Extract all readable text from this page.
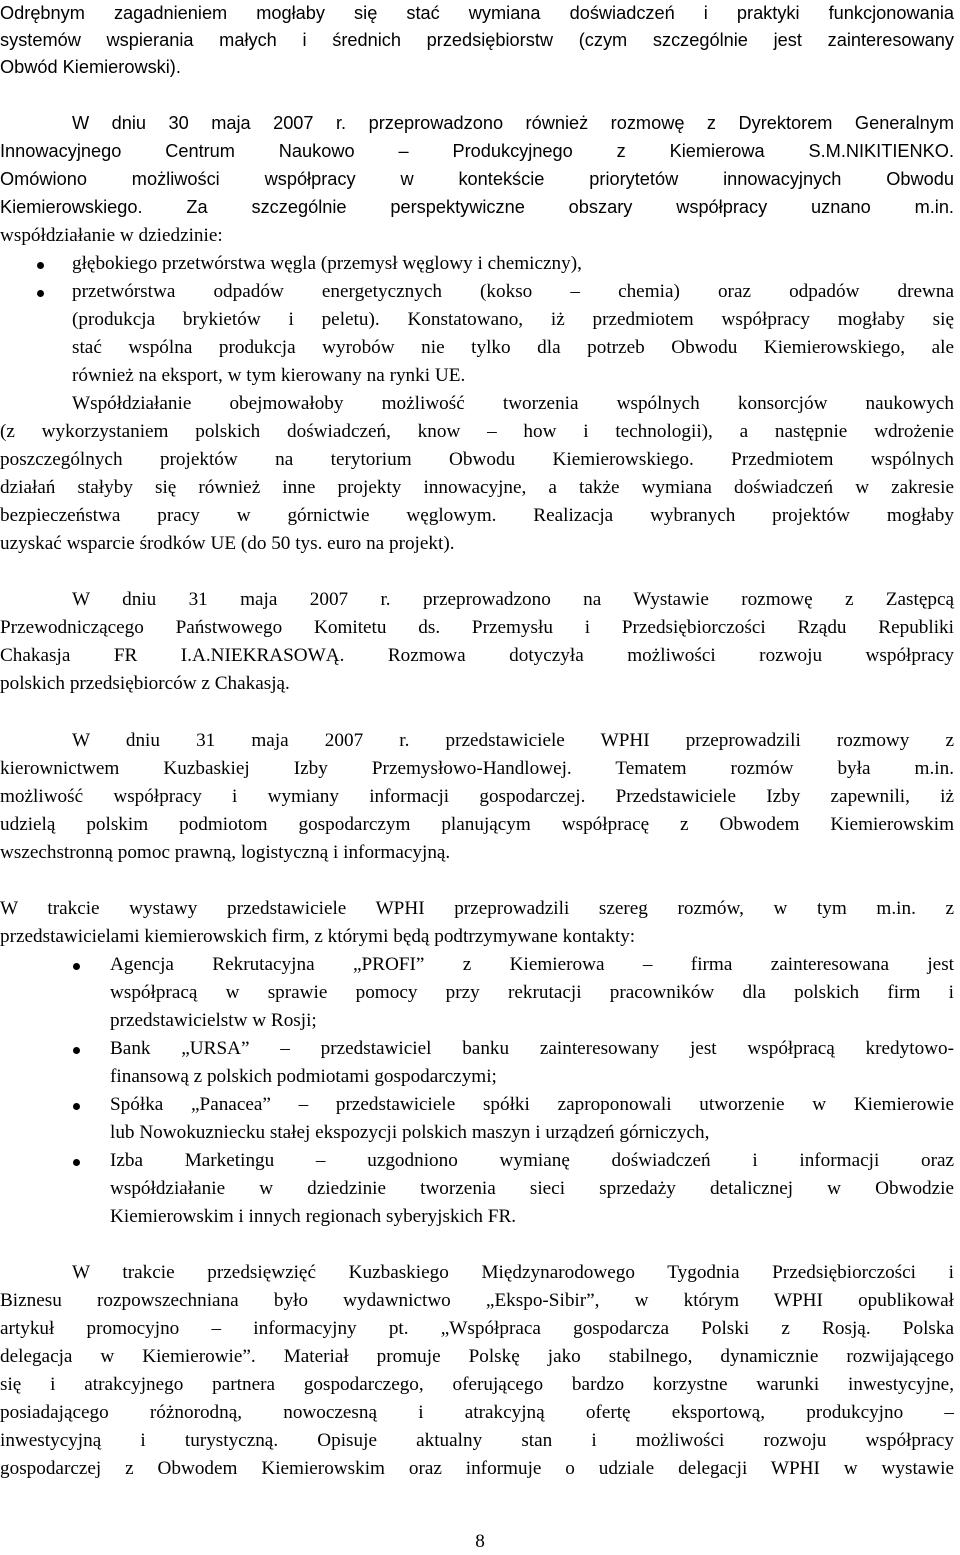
Odrębnym zagadnieniem mogłaby się stać wymiana doświadczeń i praktyki funkcjonowania
systemów wspierania małych i średnich przedsiębiorstw (czym szczególnie jest zainteresowany
Obwód Kiemierowski).
W dniu 30 maja 2007 r. przeprowadzono również rozmowę z Dyrektorem Generalnym
Innowacyjnego Centrum Naukowo – Produkcyjnego z Kiemierowa S.M.NIKITIENKO.
Omówiono możliwości współpracy w kontekście priorytetów innowacyjnych Obwodu
Kiemierowskiego. Za szczególnie perspektywiczne obszary współpracy uznano m.in.
współdziałanie w dziedzinie:
głębokiego przetwórstwa węgla (przemysł węglowy i chemiczny),
przetwórstwa odpadów energetycznych (kokso – chemia) oraz odpadów drewna
(produkcja brykietów i peletu). Konstatowano, iż przedmiotem współpracy mogłaby się
stać wspólna produkcja wyrobów nie tylko dla potrzeb Obwodu Kiemierowskiego, ale
również na eksport, w tym kierowany na rynki UE.
Współdziałanie obejmowałoby możliwość tworzenia wspólnych konsorcjów naukowych
(z wykorzystaniem polskich doświadczeń, know – how i technologii), a następnie wdrożenie
poszczególnych projektów na terytorium Obwodu Kiemierowskiego. Przedmiotem wspólnych
działań stałyby się również inne projekty innowacyjne, a także wymiana doświadczeń w zakresie
bezpieczeństwa pracy w górnictwie węglowym. Realizacja wybranych projektów mogłaby
uzyskać wsparcie środków UE (do 50 tys. euro na projekt).
W dniu 31 maja 2007 r. przeprowadzono na Wystawie rozmowę z Zastępcą
Przewodniczącego Państwowego Komitetu ds. Przemysłu i Przedsiębiorczości Rządu Republiki
Chakasja FR I.A.NIEKRASOWĄ. Rozmowa dotyczyła możliwości rozwoju współpracy
polskich przedsiębiorców z Chakasją.
W dniu 31 maja 2007 r. przedstawiciele WPHI przeprowadzili rozmowy z
kierownictwem Kuzbaskiej Izby Przemysłowo-Handlowej. Tematem rozmów była m.in.
możliwość współpracy i wymiany informacji gospodarczej. Przedstawiciele Izby zapewnili, iż
udzielą polskim podmiotom gospodarczym planującym współpracę z Obwodem Kiemierowskim
wszechstronną pomoc prawną, logistyczną i informacyjną.
W trakcie wystawy przedstawiciele WPHI przeprowadzili szereg rozmów, w tym m.in. z
przedstawicielami kiemierowskich firm, z którymi będą podtrzymywane kontakty:
Agencja Rekrutacyjna „PROFI” z Kiemierowa – firma zainteresowana jest
współpracą w sprawie pomocy przy rekrutacji pracowników dla polskich firm i
przedstawicielstw w Rosji;
Bank „URSA” – przedstawiciel banku zainteresowany jest współpracą kredytowo-
finansową z polskich podmiotami gospodarczymi;
Spółka „Panacea” – przedstawiciele spółki zaproponowali utworzenie w Kiemierowie
lub Nowokuzniecku stałej ekspozycji polskich maszyn i urządzeń górniczych,
Izba Marketingu – uzgodniono wymianę doświadczeń i informacji oraz
współdziałanie w dziedzinie tworzenia sieci sprzedaży detalicznej w Obwodzie
Kiemierowskim i innych regionach syberyjskich FR.
W trakcie przedsięwzięć Kuzbaskiego Międzynarodowego Tygodnia Przedsiębiorczości i
Biznesu rozpowszechniana było wydawnictwo „Ekspo-Sibir”, w którym WPHI opublikował
artykuł promocyjno – informacyjny pt. „Współpraca gospodarcza Polski z Rosją. Polska
delegacja w Kiemierowie”. Materiał promuje Polskę jako stabilnego, dynamicznie rozwijającego
się i atrakcyjnego partnera gospodarczego, oferującego bardzo korzystne warunki inwestycyjne,
posiadającego różnorodną, nowoczesną i atrakcyjną ofertę eksportową, produkcyjno –
inwestycyjną i turystyczną. Opisuje aktualny stan i możliwości rozwoju współpracy
gospodarczej z Obwodem Kiemierowskim oraz informuje o udziale delegacji WPHI w wystawie
8
